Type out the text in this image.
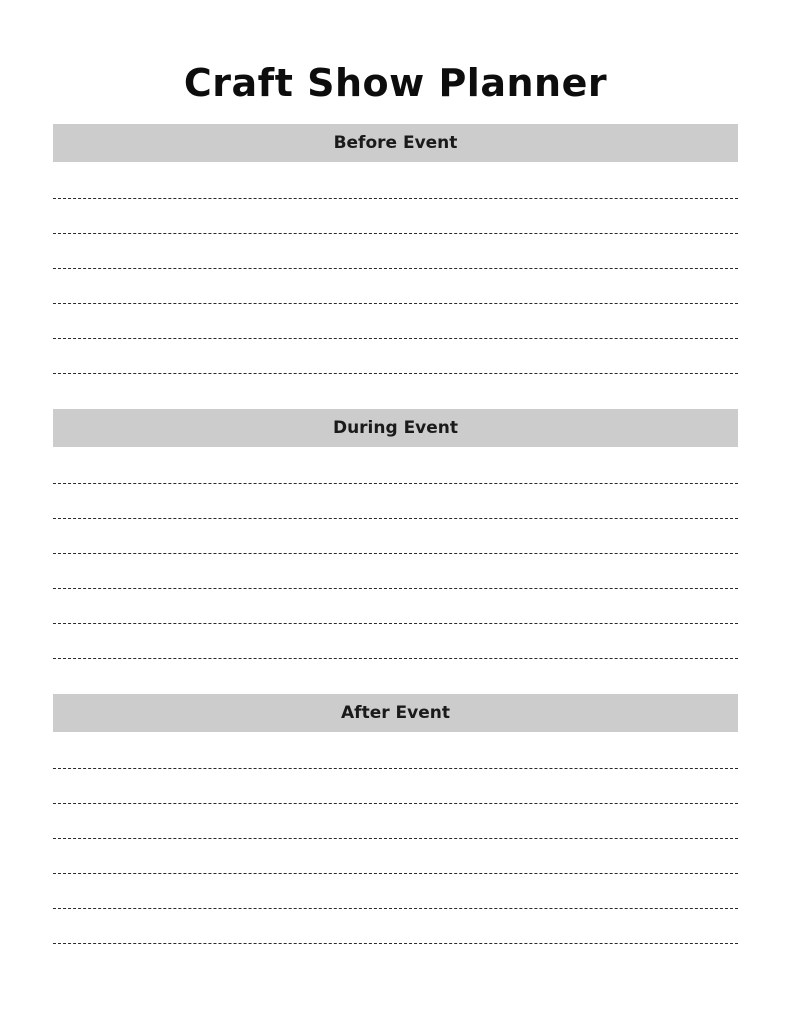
Craft Show Planner
Before Event
During Event
After Event
